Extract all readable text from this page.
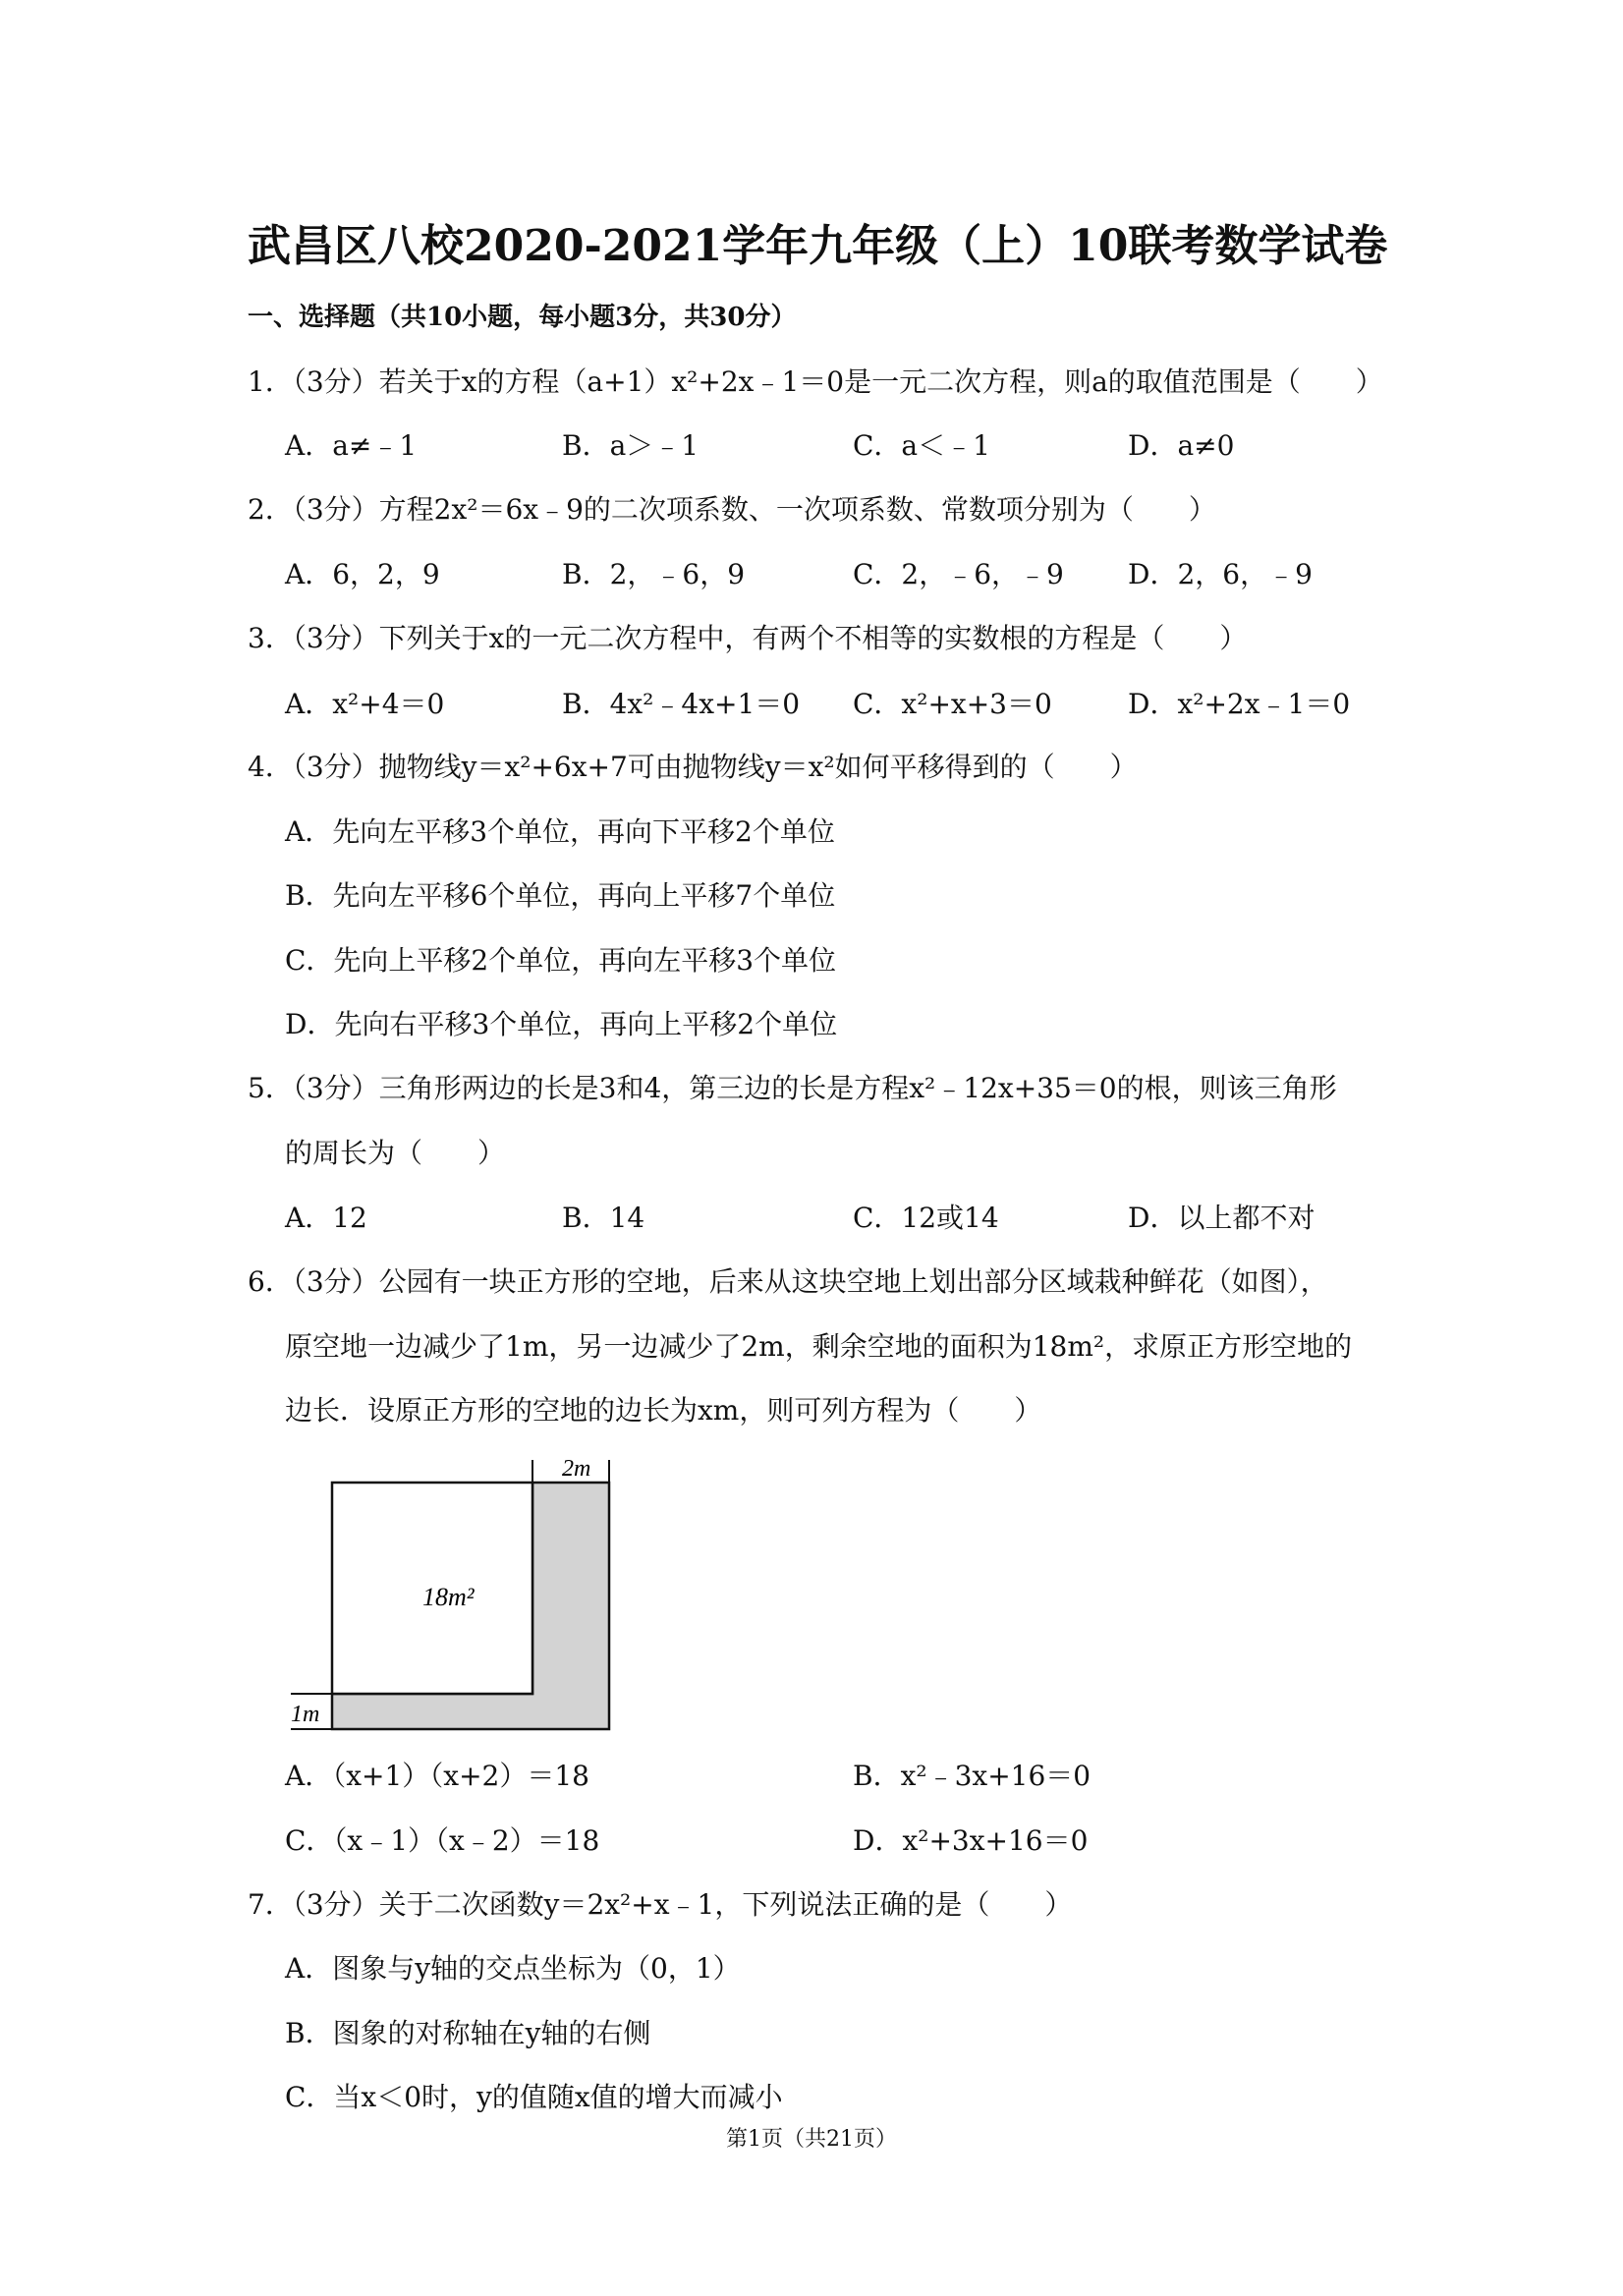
武昌区八校2020-2021学年九年级（上）10联考数学试卷
一、选择题（共10小题，每小题3分，共30分）
1．（3分）若关于x的方程（a+1）x²+2x﹣1＝0是一元二次方程，则a的取值范围是（　　）
A．a≠﹣1	B．a＞﹣1	C．a＜﹣1	D．a≠0
2．（3分）方程2x²＝6x﹣9的二次项系数、一次项系数、常数项分别为（　　）
A．6，2，9	B．2，﹣6，9	C．2，﹣6，﹣9 D．2，6，﹣9
3．（3分）下列关于x的一元二次方程中，有两个不相等的实数根的方程是（　　）
A．x²+4＝0	B．4x²﹣4x+1＝0 C．x²+x+3＝0	D．x²+2x﹣1＝0
4．（3分）抛物线y＝x²+6x+7可由抛物线y＝x²如何平移得到的（　　）
A．先向左平移3个单位，再向下平移2个单位
B．先向左平移6个单位，再向上平移7个单位
C．先向上平移2个单位，再向左平移3个单位
D．先向右平移3个单位，再向上平移2个单位
5．（3分）三角形两边的长是3和4，第三边的长是方程x²﹣12x+35＝0的根，则该三角形
的周长为（　　）
A．12	B．14	C．12或14	D．以上都不对
6．（3分）公园有一块正方形的空地，后来从这块空地上划出部分区域栽种鲜花（如图），
原空地一边减少了1m，另一边减少了2m，剩余空地的面积为18m²，求原正方形空地的
边长．设原正方形的空地的边长为xm，则可列方程为（　　）
2m
18m²
1m
A．（x+1）（x+2）＝18	B．x²﹣3x+16＝0
C．（x﹣1）（x﹣2）＝18	D．x²+3x+16＝0
7．（3分）关于二次函数y＝2x²+x﹣1，下列说法正确的是（　　）
A．图象与y轴的交点坐标为（0，1）
B．图象的对称轴在y轴的右侧
C．当x＜0时，y的值随x值的增大而减小
第1页（共21页）
